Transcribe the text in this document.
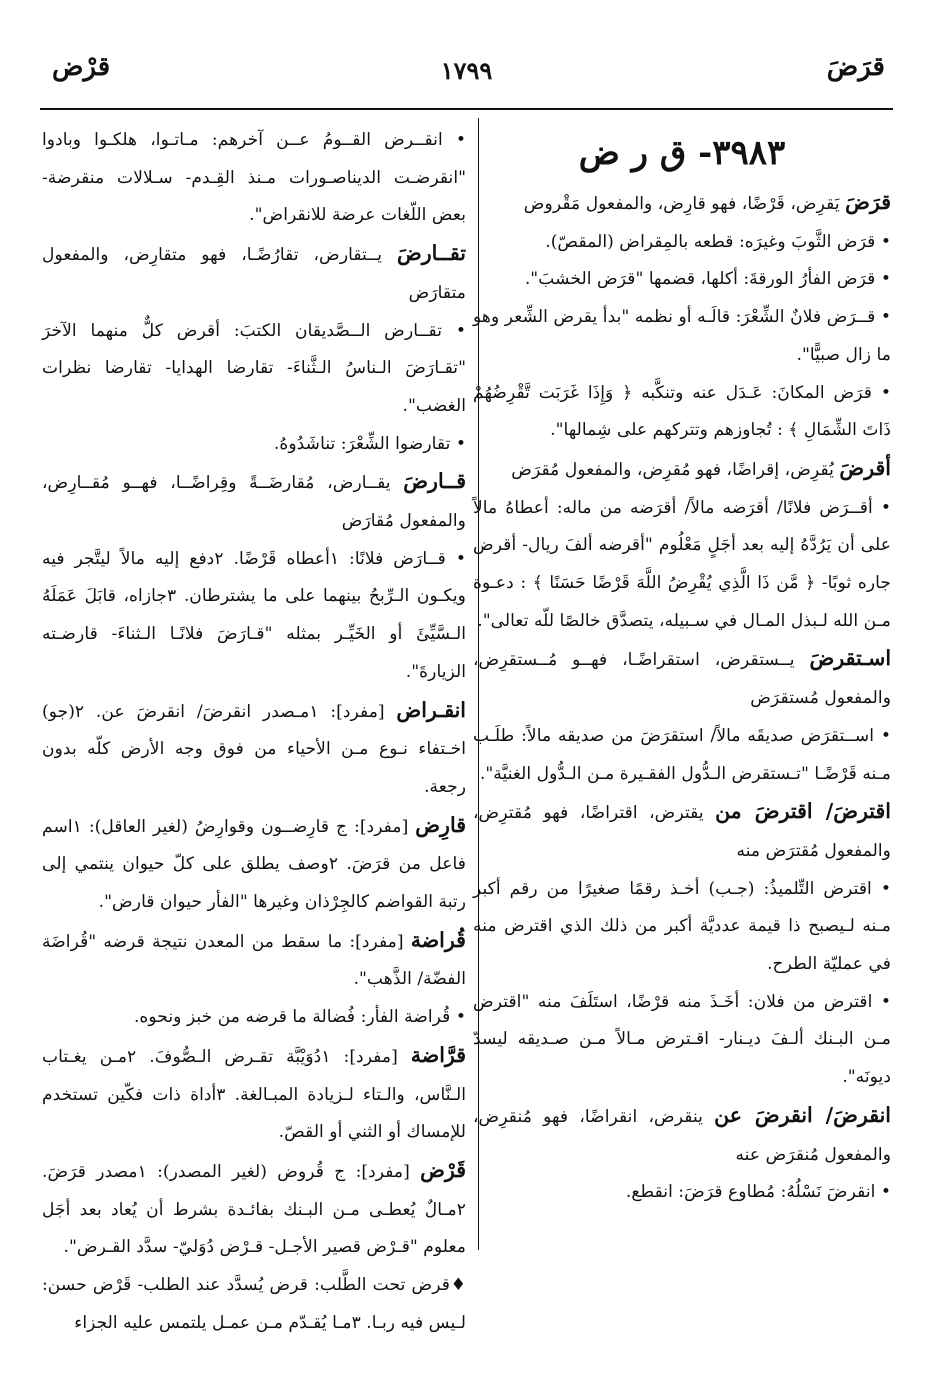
قرَضَ
١٧٩٩
قرْض

٣٩٨٣- ق ر ض

قرَضَ يَقرِض، قَرْضًا، فهو قارِض، والمفعول مَقْروض

• قرَض الثَّوبَ وغيرَه: قطعه بالمِقراض (المقصّ).

• قرَض الفأرُ الورقةَ: أكلها، قضمها "قرَض الخشبَ".

• قــرَض فلانٌ الشِّعْرَ: قالَـه أو نظمه "بدأ يقرض الشِّعر وهو ما زال صبيًّا".

• قرَض المكانَ: عَـدَل عنه وتنكَّبه ﴿ وَإِذَا غَرَبَت تَّقْرِضُهُمْ ذَاتَ الشِّمَالِ ﴾ : تُجاوزهم وتتركهم على شِمالها".

أقرضَ يُقرِض، إقراضًا، فهو مُقرِض، والمفعول مُقرَض

• أقــرَض فلانًا/ أقرَضه مالاً/ أقرَضه من ماله: أعطاهُ مالاً على أن يَرُدَّهُ إليه بعد أجَلٍ مَعْلُوم "أقرضه ألفَ ريال- أقرض جاره ثوبًا- ﴿ مَّن ذَا الَّذِي يُقْرِضُ اللَّهَ قَرْضًا حَسَنًا ﴾ : دعـوة مـن الله لـبذل المـال في سـبيله، يتصدَّق خالصًا للّه تعالى".

اسـتقرضَ يــستقرض، استقراضًـا، فهــو مُــستقرِض، والمفعول مُستقرَض

• اســتقرَض صديقَه مالاً/ استقرَضَ من صديقه مالاً: طلَـب مـنه قَرْضًـا "تـستقرض الـدُّول الفقـيرة مـن الـدُّول الغنيَّة".

اقترضَ/ اقترضَ من يقترض، اقتراضًا، فهو مُقترِض، والمفعول مُقترَض منه

• اقترض التِّلميذُ: (جـب) أخـذ رقمًا صغيرًا من رقم أكبر مـنه لـيصبح ذا قيمة عدديَّة أكبر من ذلك الذي اقترض منه في عمليّة الطرح.

• اقترض من فلان: أخَـذَ منه قرْضًا، استَلَفَ منه "اقترض مـن البـنك ألـفَ ديـنار- اقـترض مـالاً مـن صـديقه ليسدّ ديونَه".

انقرضَ/ انقرضَ عن ينقرض، انقراضًا، فهو مُنقرِض، والمفعول مُنقرَض عنه

• انقرضَ نَسْلُهُ: مُطاوع قرَضَ: انقطع.

• انقــرض القــومُ عــن آخرهم: مـاتـوا، هلكـوا وبادوا "انقرضـت الديناصـورات مـنذ القِـدم- سـلالات منقرضة- بعض اللّغات عرضة للانقراض".

تقــارضَ يــتقارض، تقارُضًـا، فهو متقارِض، والمفعول متقارَض

• تقــارض الــصَّديقان الكتبَ: أقرض كلٌّ منهما الآخرَ "تقـارَضَ الـناسُ الـثَّناءَ- تقارضا الهدايا- تقارضا نظرات الغضب".

• تقارضوا الشِّعْرَ: تناشَدُوهُ.

قــارضَ يقــارض، مُقارضَــةً وقِراضًــا، فهــو مُقــارِض، والمفعول مُقارَض

• قــارَض فلانًا: ١أعطاه قَرْضًا. ٢دفع إليه مالاً ليتَّجر فيه ويكـون الـرِّبحُ بينهما على ما يشترطان. ٣جازاه، قابَلَ عَمَلَهُ الـسَّيِّئَ أو الخَيِّـر بمثله "قـارَضَ فلانًـا الـثناءَ- قارضـته الزيارةَ".

انقـراض [مفرد]: ١مـصدر انقرضَ/ انقرضَ عن. ٢(جو) اخـتفاء نـوع مـن الأحياء من فوق وجه الأرض كلّه بدون رجعة.

قارِض [مفرد]: ج قارِضــون وقوارِضُ (لغير العاقل): ١اسم فاعل من قرَضَ. ٢وصف يطلق على كلّ حيوان ينتمي إلى رتبة القواضم كالجِرْذان وغيرها "الفأر حيوان قارض".

قُراضة [مفرد]: ما سقط من المعدن نتيجة قرضه "قُراضَة الفضّة/ الذَّهب".

• قُراضة الفأر: فُضالة ما قرضه من خبز ونحوه.

قرَّاضة [مفرد]: ١دُوَيْبَّة تقـرض الـصُّوفَ. ٢مـن يغـتاب الـنَّاس، والـتاء لـزيادة المبـالغة. ٣أداة ذات فكّين تستخدم للإمساك أو الثني أو القصّ.

قَرْض [مفرد]: ج قُروض (لغير المصدر): ١مصدر قرَضَ. ٢مـالٌ يُعطـى مـن البـنك بفائـدة بشرط أن يُعاد بعد أجَل معلوم "قـرْض قصير الأجـل- قـرْض دُوَليّ- سدَّد القـرض".

♦قرض تحت الطَّلب: قرض يُسدَّد عند الطلب- قَرْض حسن: لـيس فيه ربـا. ٣مـا يُقـدّم مـن عمـل يلتمس عليه الجزاء
